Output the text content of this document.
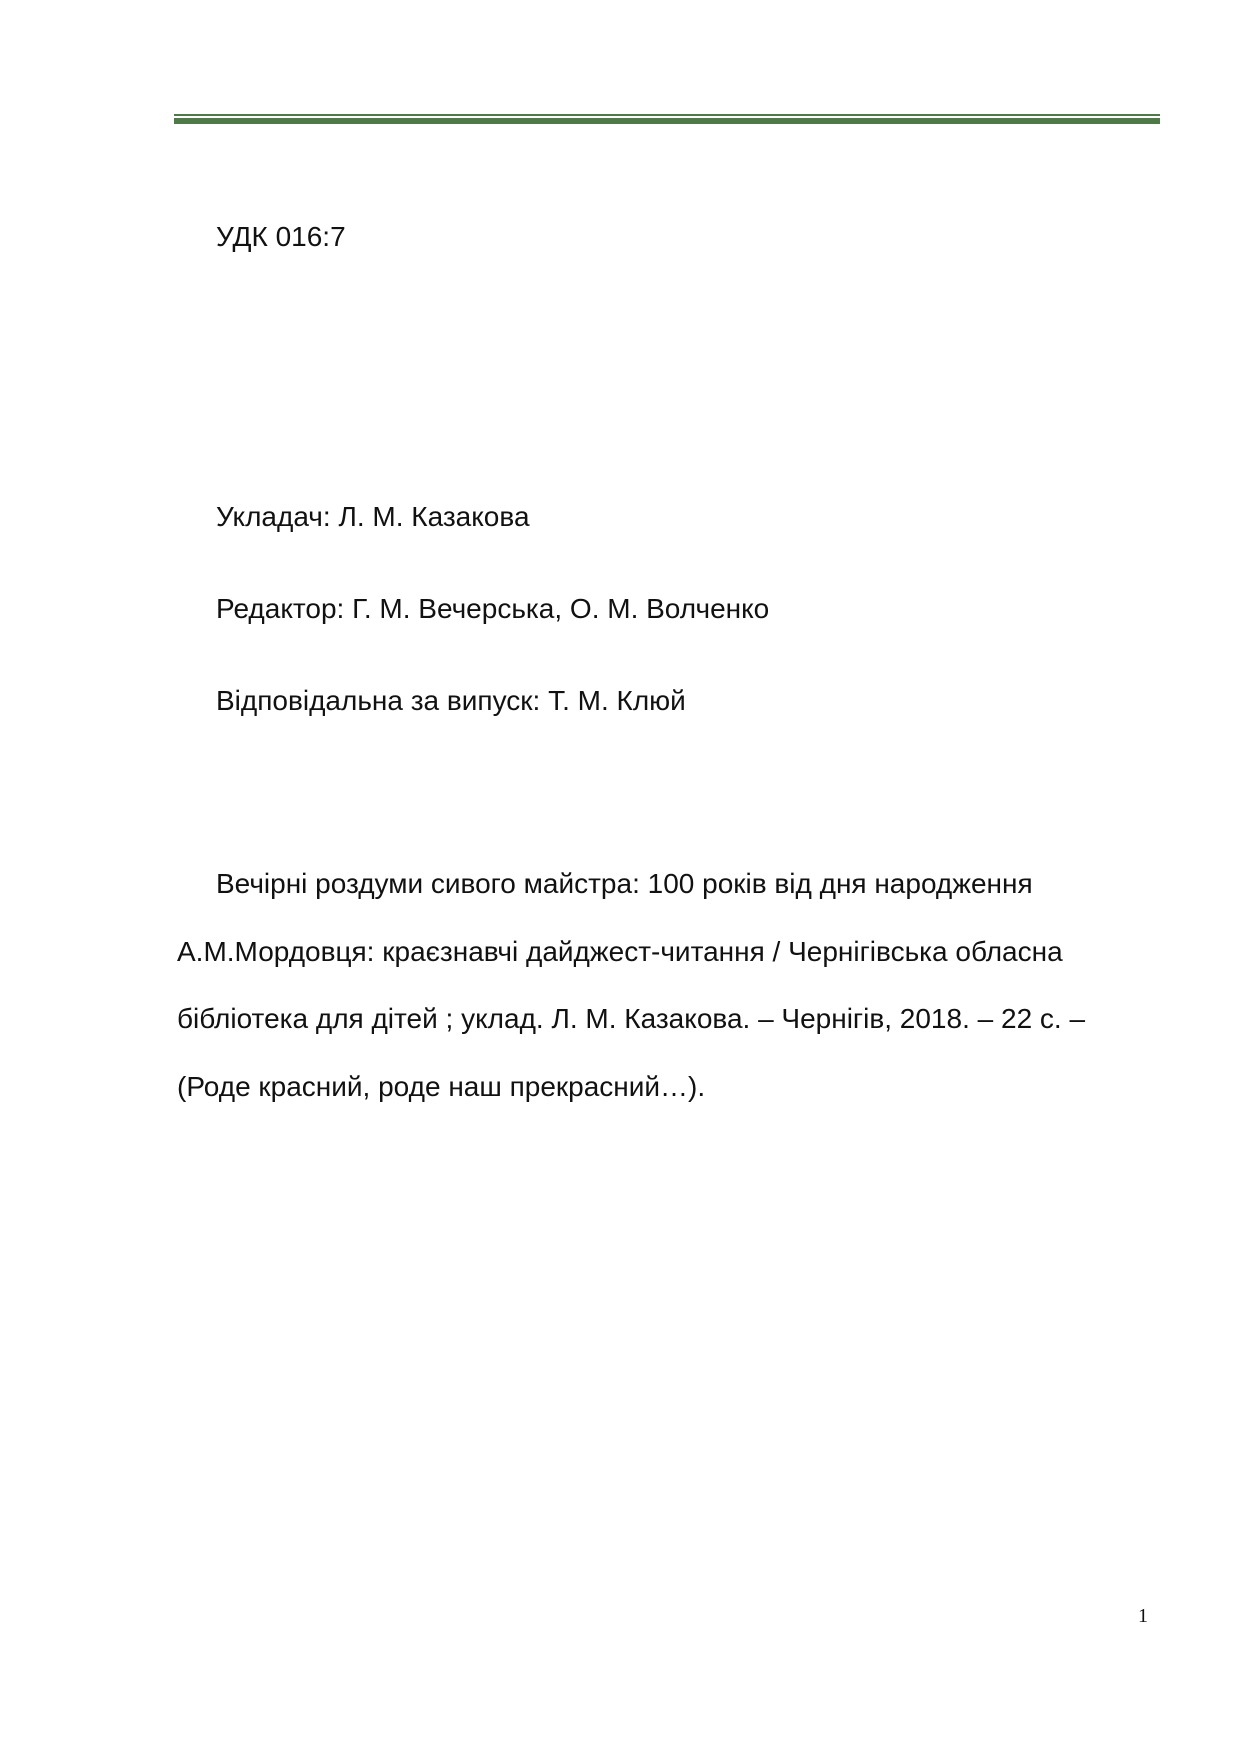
УДК 016:7
Укладач: Л. М. Казакова
Редактор: Г. М. Вечерська, О. М. Волченко
Відповідальна за випуск: Т. М. Клюй
Вечірні роздуми сивого майстра: 100 років від дня народження
А.М.Мордовця: краєзнавчі дайджест-читання / Чернігівська обласна
бібліотека для дітей ; уклад. Л. М. Казакова. – Чернігів, 2018. – 22 с. –
(Роде красний, роде наш прекрасний…).
1
